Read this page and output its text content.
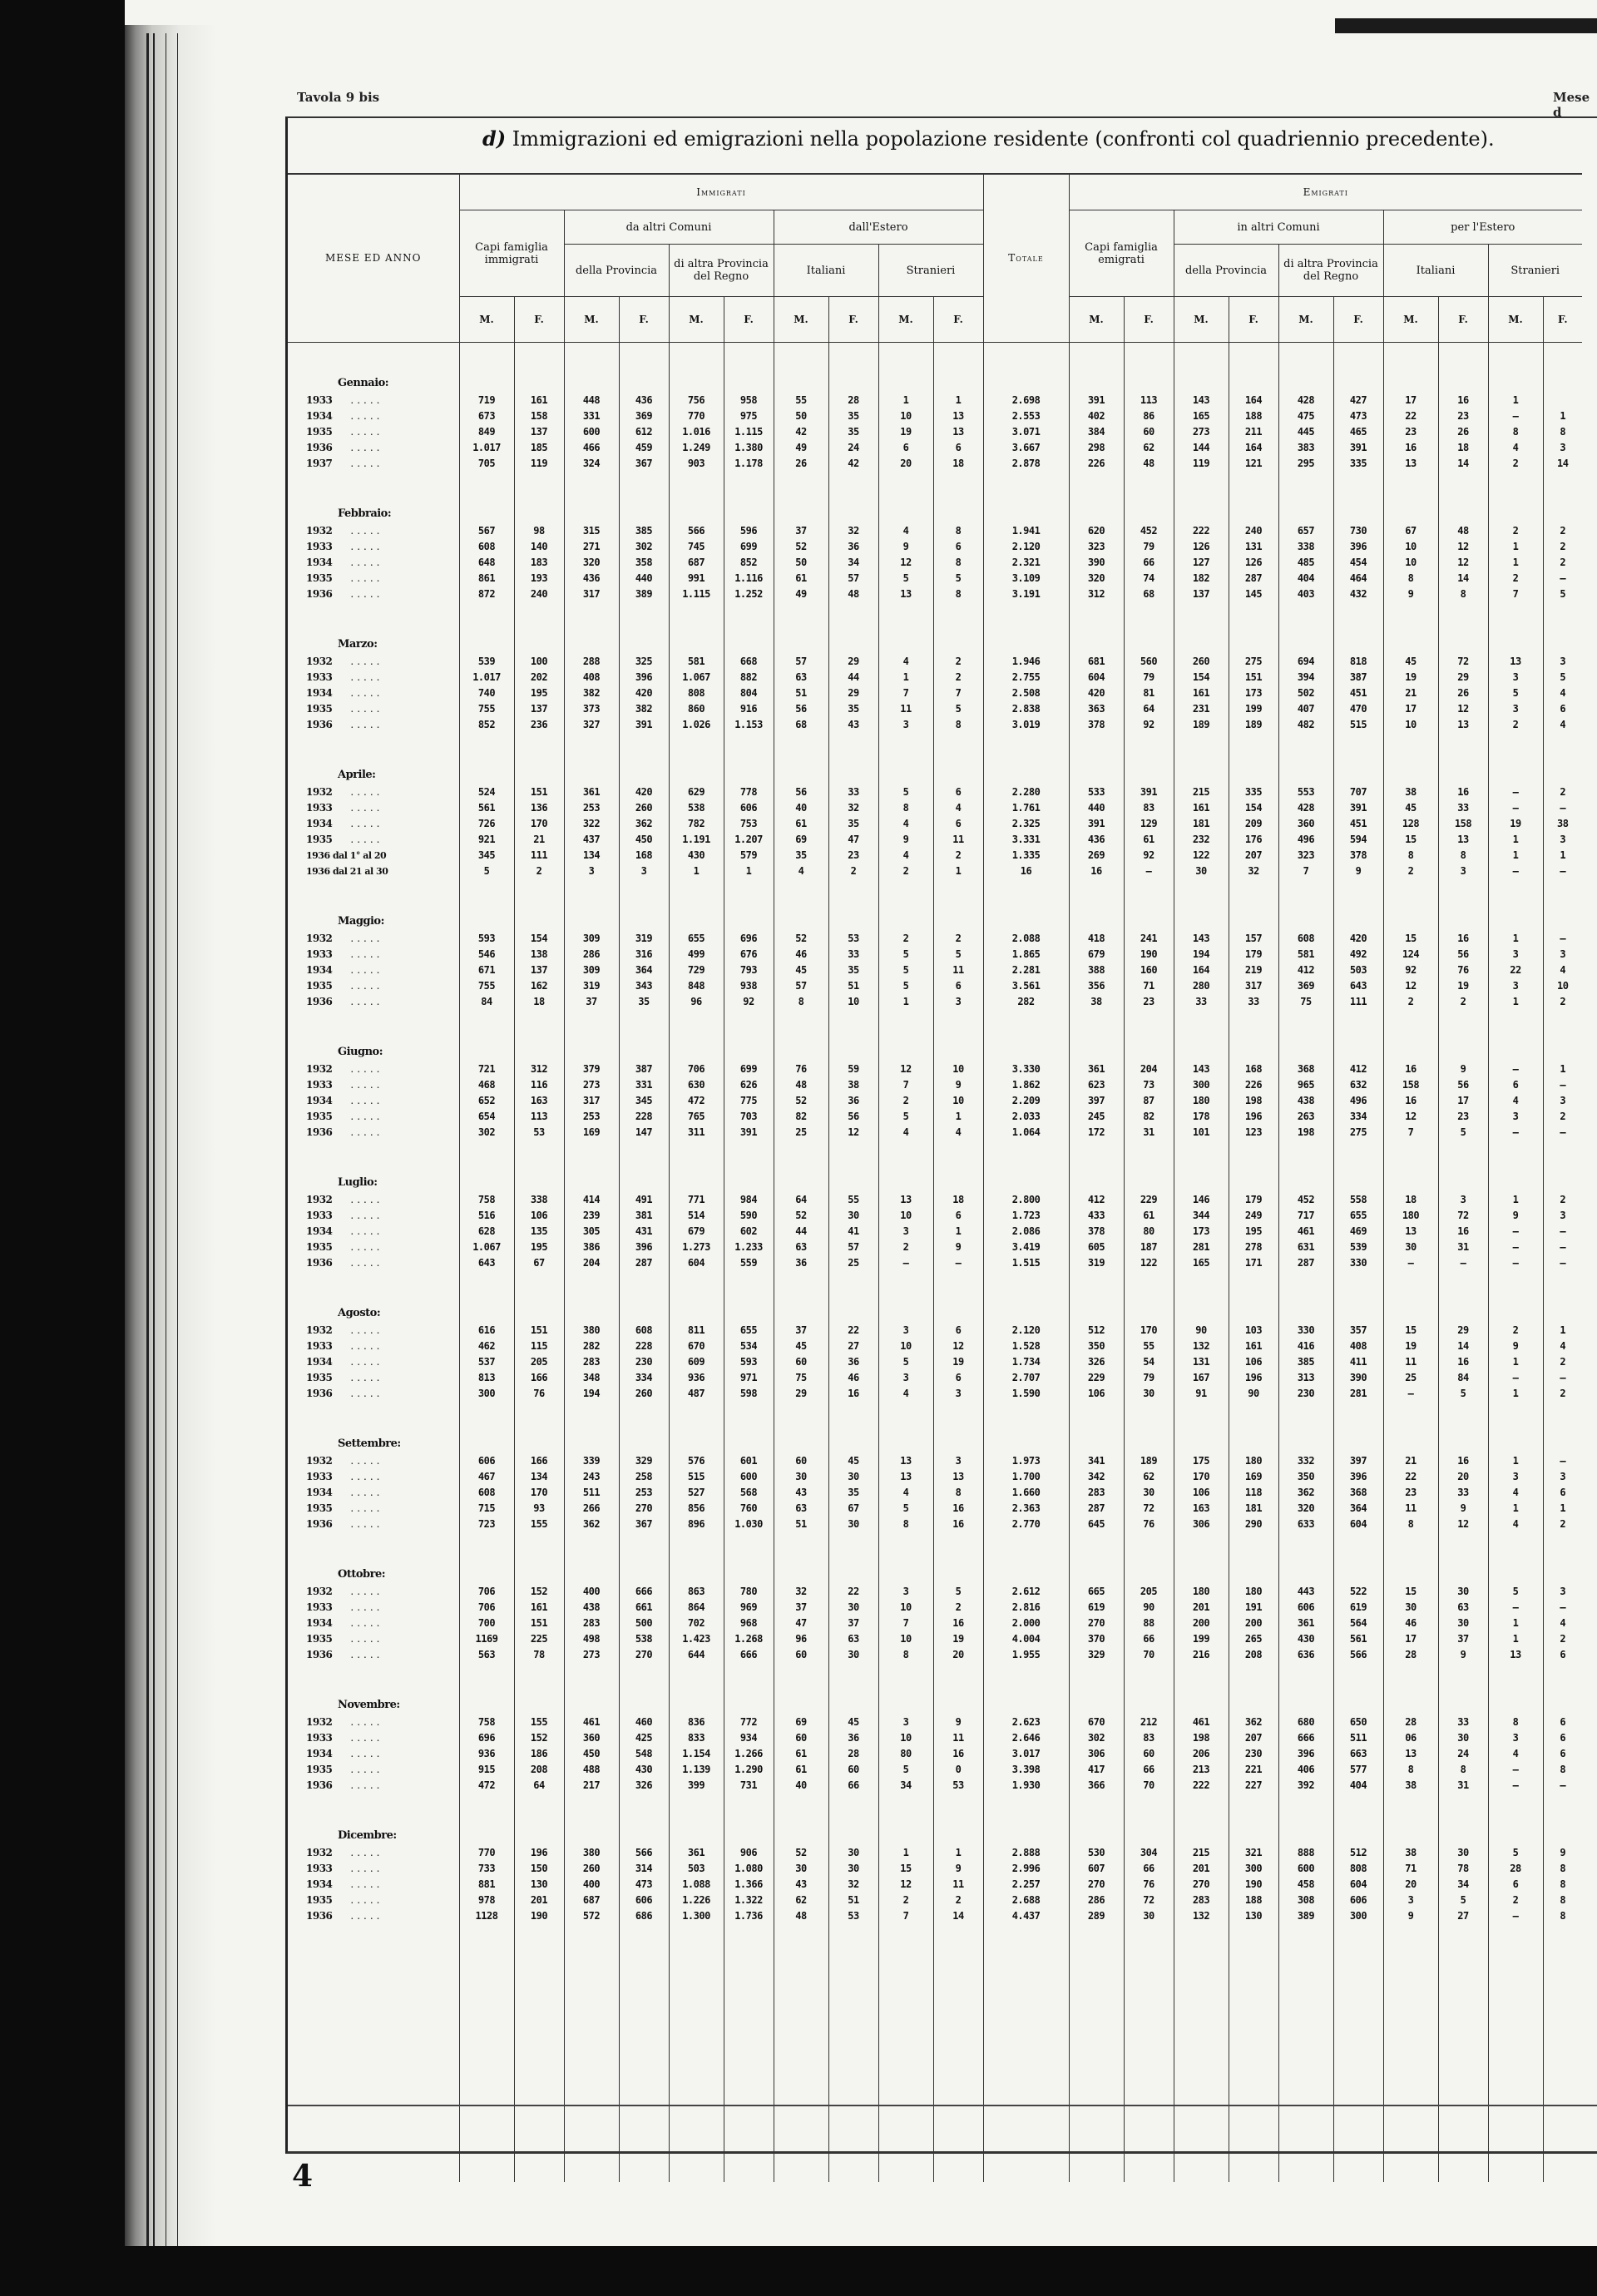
Tavola 9 bis	Mese d
d) Immigrazioni ed emigrazioni nella popolazione residente (confronti col quadriennio precedente).
MESE ED ANNO	Immigrati										Totale	Emigrati									
	Capi famiglia immigrati		da altri Comuni				dall'Estero					Capi famiglia emigrati		in altri Comuni				per l'Estero			
			della Provincia		di altra Provincia del Regno		Italiani		Stranieri					della Provincia		di altra Provincia del Regno		Italiani		Stranieri	
	M.	F.	M.	F.	M.	F.	M.	F.	M.	F.		M.	F.	M.	F.	M.	F.	M.	F.	M.	F.
Gennaio:																					
1933 .....	719	161	448	436	756	958	55	28	1	1	2.698	391	113	143	164	428	427	17	16	1	
1934 .....	673	158	331	369	770	975	50	35	10	13	2.553	402	86	165	188	475	473	22	23	—	1
1935 .....	849	137	600	612	1.016	1.115	42	35	19	13	3.071	384	60	273	211	445	465	23	26	8	8
1936 .....	1.017	185	466	459	1.249	1.380	49	24	6	6	3.667	298	62	144	164	383	391	16	18	4	3
1937 .....	705	119	324	367	903	1.178	26	42	20	18	2.878	226	48	119	121	295	335	13	14	2	14

Febbraio:																					
1932 .....	567	98	315	385	566	596	37	32	4	8	1.941	620	452	222	240	657	730	67	48	2	2
1933 .....	608	140	271	302	745	699	52	36	9	6	2.120	323	79	126	131	338	396	10	12	1	2
1934 .....	648	183	320	358	687	852	50	34	12	8	2.321	390	66	127	126	485	454	10	12	1	2
1935 .....	861	193	436	440	991	1.116	61	57	5	5	3.109	320	74	182	287	404	464	8	14	2	—
1936 .....	872	240	317	389	1.115	1.252	49	48	13	8	3.191	312	68	137	145	403	432	9	8	7	5

Marzo:																					
1932 .....	539	100	288	325	581	668	57	29	4	2	1.946	681	560	260	275	694	818	45	72	13	3
1933 .....	1.017	202	408	396	1.067	882	63	44	1	2	2.755	604	79	154	151	394	387	19	29	3	5
1934 .....	740	195	382	420	808	804	51	29	7	7	2.508	420	81	161	173	502	451	21	26	5	4
1935 .....	755	137	373	382	860	916	56	35	11	5	2.838	363	64	231	199	407	470	17	12	3	6
1936 .....	852	236	327	391	1.026	1.153	68	43	3	8	3.019	378	92	189	189	482	515	10	13	2	4

Aprile:																					
1932 .....	524	151	361	420	629	778	56	33	5	6	2.280	533	391	215	335	553	707	38	16	—	2
1933 .....	561	136	253	260	538	606	40	32	8	4	1.761	440	83	161	154	428	391	45	33	—	—
1934 .....	726	170	322	362	782	753	61	35	4	6	2.325	391	129	181	209	360	451	128	158	19	38
1935 .....	921	21	437	450	1.191	1.207	69	47	9	11	3.331	436	61	232	176	496	594	15	13	1	3
1936 dal 1° al 20	345	111	134	168	430	579	35	23	4	2	1.335	269	92	122	207	323	378	8	8	1	1
1936 dal 21 al 30	5	2	3	3	1	1	4	2	2	1	16	16	—	30	32	7	9	2	3	—	—

Maggio:																					
1932 .....	593	154	309	319	655	696	52	53	2	2	2.088	418	241	143	157	608	420	15	16	1	—
1933 .....	546	138	286	316	499	676	46	33	5	5	1.865	679	190	194	179	581	492	124	56	3	3
1934 .....	671	137	309	364	729	793	45	35	5	11	2.281	388	160	164	219	412	503	92	76	22	4
1935 .....	755	162	319	343	848	938	57	51	5	6	3.561	356	71	280	317	369	643	12	19	3	10
1936 .....	84	18	37	35	96	92	8	10	1	3	282	38	23	33	33	75	111	2	2	1	2

Giugno:																					
1932 .....	721	312	379	387	706	699	76	59	12	10	3.330	361	204	143	168	368	412	16	9	—	1
1933 .....	468	116	273	331	630	626	48	38	7	9	1.862	623	73	300	226	965	632	158	56	6	—
1934 .....	652	163	317	345	472	775	52	36	2	10	2.209	397	87	180	198	438	496	16	17	4	3
1935 .....	654	113	253	228	765	703	82	56	5	1	2.033	245	82	178	196	263	334	12	23	3	2
1936 .....	302	53	169	147	311	391	25	12	4	4	1.064	172	31	101	123	198	275	7	5	—	—

Luglio:																					
1932 .....	758	338	414	491	771	984	64	55	13	18	2.800	412	229	146	179	452	558	18	3	1	2
1933 .....	516	106	239	381	514	590	52	30	10	6	1.723	433	61	344	249	717	655	180	72	9	3
1934 .....	628	135	305	431	679	602	44	41	3	1	2.086	378	80	173	195	461	469	13	16	—	—
1935 .....	1.067	195	386	396	1.273	1.233	63	57	2	9	3.419	605	187	281	278	631	539	30	31	—	—
1936 .....	643	67	204	287	604	559	36	25	—	—	1.515	319	122	165	171	287	330	—	—	—	—

Agosto:																					
1932 .....	616	151	380	608	811	655	37	22	3	6	2.120	512	170	90	103	330	357	15	29	2	1
1933 .....	462	115	282	228	670	534	45	27	10	12	1.528	350	55	132	161	416	408	19	14	9	4
1934 .....	537	205	283	230	609	593	60	36	5	19	1.734	326	54	131	106	385	411	11	16	1	2
1935 .....	813	166	348	334	936	971	75	46	3	6	2.707	229	79	167	196	313	390	25	84	—	—
1936 .....	300	76	194	260	487	598	29	16	4	3	1.590	106	30	91	90	230	281	—	5	1	2

Settembre:																					
1932 .....	606	166	339	329	576	601	60	45	13	3	1.973	341	189	175	180	332	397	21	16	1	—
1933 .....	467	134	243	258	515	600	30	30	13	13	1.700	342	62	170	169	350	396	22	20	3	3
1934 .....	608	170	511	253	527	568	43	35	4	8	1.660	283	30	106	118	362	368	23	33	4	6
1935 .....	715	93	266	270	856	760	63	67	5	16	2.363	287	72	163	181	320	364	11	9	1	1
1936 .....	723	155	362	367	896	1.030	51	30	8	16	2.770	645	76	306	290	633	604	8	12	4	2

Ottobre:																					
1932 .....	706	152	400	666	863	780	32	22	3	5	2.612	665	205	180	180	443	522	15	30	5	3
1933 .....	706	161	438	661	864	969	37	30	10	2	2.816	619	90	201	191	606	619	30	63	—	—
1934 .....	700	151	283	500	702	968	47	37	7	16	2.000	270	88	200	200	361	564	46	30	1	4
1935 .....	1169	225	498	538	1.423	1.268	96	63	10	19	4.004	370	66	199	265	430	561	17	37	1	2
1936 .....	563	78	273	270	644	666	60	30	8	20	1.955	329	70	216	208	636	566	28	9	13	6

Novembre:																					
1932 .....	758	155	461	460	836	772	69	45	3	9	2.623	670	212	461	362	680	650	28	33	8	6
1933 .....	696	152	360	425	833	934	60	36	10	11	2.646	302	83	198	207	666	511	06	30	3	6
1934 .....	936	186	450	548	1.154	1.266	61	28	80	16	3.017	306	60	206	230	396	663	13	24	4	6
1935 .....	915	208	488	430	1.139	1.290	61	60	5	0	3.398	417	66	213	221	406	577	8	8	—	8
1936 .....	472	64	217	326	399	731	40	66	34	53	1.930	366	70	222	227	392	404	38	31	—	—

Dicembre:																					
1932 .....	770	196	380	566	361	906	52	30	1	1	2.888	530	304	215	321	888	512	38	30	5	9
1933 .....	733	150	260	314	503	1.080	30	30	15	9	2.996	607	66	201	300	600	808	71	78	28	8
1934 .....	881	130	400	473	1.088	1.366	43	32	12	11	2.257	270	76	270	190	458	604	20	34	6	8
1935 .....	978	201	687	606	1.226	1.322	62	51	2	2	2.688	286	72	283	188	308	606	3	5	2	8
1936 .....	1128	190	572	686	1.300	1.736	48	53	7	14	4.437	289	30	132	130	389	300	9	27	—	8

4
